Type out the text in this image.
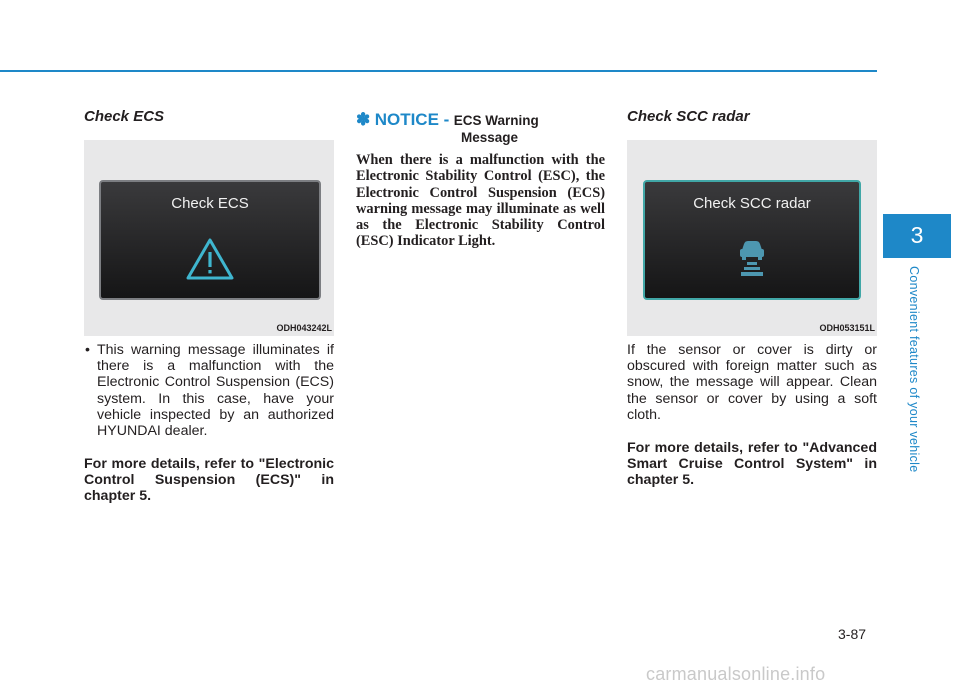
Check ECS
Check ECS
ODH043242L
• This warning message illuminates if there is a malfunction with the Electronic Control Suspension (ECS) system. In this case, have your vehicle inspected by an authorized HYUNDAI dealer.

For more details, refer to "Electronic Control Suspension (ECS)" in chapter 5.

✽ NOTICE - ECS Warning
Message

When there is a malfunction with the Electronic Stability Control (ESC), the Electronic Control Suspension (ECS) warning message may illuminate as well as the Electronic Stability Control (ESC) Indicator Light.

Check SCC radar
Check SCC radar
ODH053151L

If the sensor or cover is dirty or obscured with foreign matter such as snow, the message will appear. Clean the sensor or cover by using a soft cloth.

For more details, refer to "Advanced Smart Cruise Control System" in chapter 5.

3
Convenient features of your vehicle
3-87
carmanualsonline.info
